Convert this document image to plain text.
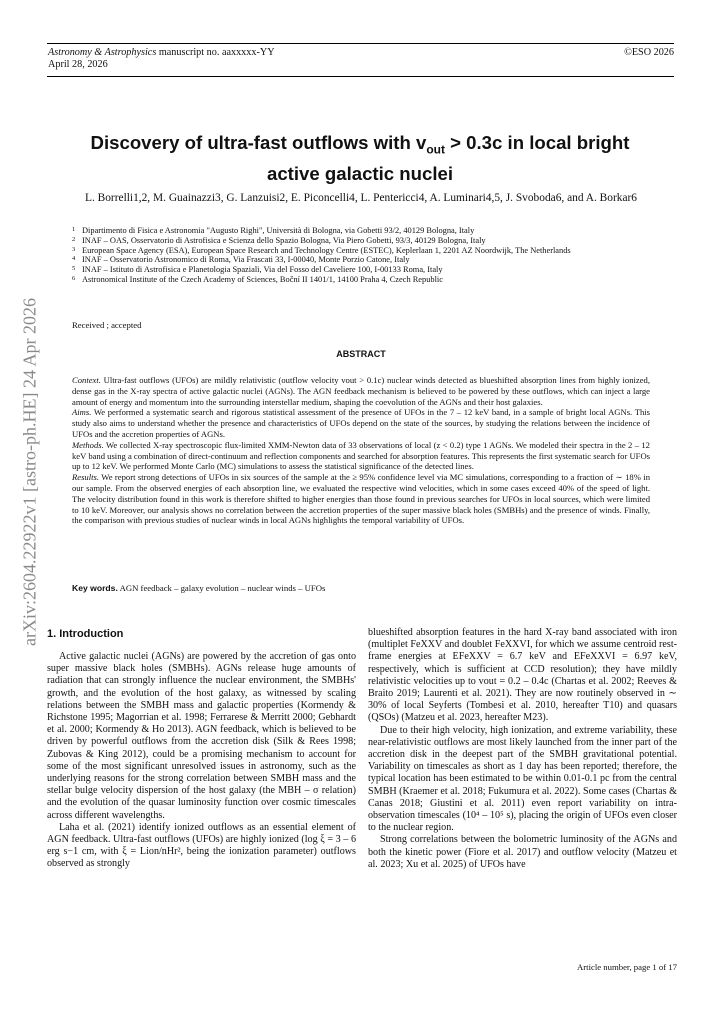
Astronomy & Astrophysics manuscript no. aaxxxxx-YY
April 28, 2026
©ESO 2026
arXiv:2604.22922v1 [astro-ph.HE] 24 Apr 2026
Discovery of ultra-fast outflows with $v_{out} > 0.3c$ in local bright
active galactic nuclei
L. Borrelli1,2, M. Guainazzi3, G. Lanzuisi2, E. Piconcelli4, L. Pentericci4, A. Luminari4,5, J. Svoboda6, and A. Borkar6
1 Dipartimento di Fisica e Astronomia "Augusto Righi", Università di Bologna, via Gobetti 93/2, 40129 Bologna, Italy
2 INAF – OAS, Osservatorio di Astrofisica e Scienza dello Spazio Bologna, Via Piero Gobetti, 93/3, 40129 Bologna, Italy
3 European Space Agency (ESA), European Space Research and Technology Centre (ESTEC), Keplerlaan 1, 2201 AZ Noordwijk, The Netherlands
4 INAF – Osservatorio Astronomico di Roma, Via Frascati 33, I-00040, Monte Porzio Catone, Italy
5 INAF – Istituto di Astrofisica e Planetologia Spaziali, Via del Fosso del Caveliere 100, I-00133 Roma, Italy
6 Astronomical Institute of the Czech Academy of Sciences, Boční II 1401/1, 14100 Praha 4, Czech Republic
Received ; accepted
ABSTRACT

Context. Ultra-fast outflows (UFOs) are mildly relativistic (outflow velocity vout > 0.1c) nuclear winds detected as blueshifted absorption lines from highly ionized, dense gas in the X-ray spectra of active galactic nuclei (AGNs). The AGN feedback mechanism is believed to be powered by these outflows, which can inject a large amount of energy and momentum into the surrounding interstellar medium, shaping the coevolution of the AGNs and their host galaxies.

Aims. We performed a systematic search and rigorous statistical assessment of the presence of UFOs in the 7 – 12 keV band, in a sample of bright local AGNs. This study also aims to understand whether the presence and characteristics of UFOs depend on the state of the sources, by studying the relations between the incidence of UFOs and the accretion properties of AGNs.

Methods. We collected X-ray spectroscopic flux-limited XMM-Newton data of 33 observations of local (z < 0.2) type 1 AGNs. We modeled their spectra in the 2 – 12 keV band using a combination of direct-continuum and reflection components and searched for absorption features. This represents the first systematic search for UFOs up to 12 keV. We performed Monte Carlo (MC) simulations to assess the statistical significance of the detected lines.

Results. We report strong detections of UFOs in six sources of the sample at the ≥ 95% confidence level via MC simulations, corresponding to a fraction of ∼ 18% in our sample. From the observed energies of each absorption line, we evaluated the respective wind velocities, which in some cases exceed 40% of the speed of light. The velocity distribution found in this work is therefore shifted to higher energies than those found in previous searches for UFOs in local sources, which were limited to 10 keV. Moreover, our analysis shows no correlation between the accretion properties of the super massive black holes (SMBHs) and the presence of winds. Finally, the comparison with previous studies of nuclear winds in local AGNs highlights the temporal variability of UFOs.

Key words. AGN feedback – galaxy evolution – nuclear winds – UFOs
1. Introduction

Active galactic nuclei (AGNs) are powered by the accretion of gas onto super massive black holes (SMBHs). AGNs release huge amounts of radiation that can strongly influence the nuclear environment, the SMBHs' growth, and the evolution of the host galaxy, as witnessed by scaling relations between the SMBH mass and galactic properties (Kormendy & Richstone 1995; Magorrian et al. 1998; Ferrarese & Merritt 2000; Gebhardt et al. 2000; Kormendy & Ho 2013). AGN feedback, which is believed to be driven by powerful outflows from the accretion disk (Silk & Rees 1998; Zubovas & King 2012), could be a promising mechanism to account for some of the most significant unresolved issues in astronomy, such as the underlying reasons for the strong correlation between SMBH mass and the stellar bulge velocity dispersion of the host galaxy (the MBH – σ relation) and the evolution of the quasar luminosity function over cosmic timescales across different wavelengths.

Laha et al. (2021) identify ionized outflows as an essential element of AGN feedback. Ultra-fast outflows (UFOs) are highly ionized (log ξ = 3 – 6 erg s−1 cm, with ξ = Lion/nHr², being the ionization parameter) outflows observed as strongly

blueshifted absorption features in the hard X-ray band associated with iron (multiplet FeXXV and doublet FeXXVI, for which we assume centroid rest-frame energies at EFeXXV = 6.7 keV and EFeXXVI = 6.97 keV, respectively, which is sufficient at CCD resolution); they have mildly relativistic velocities up to vout = 0.2 – 0.4c (Chartas et al. 2002; Reeves & Braito 2019; Laurenti et al. 2021). They are now routinely observed in ∼ 30% of local Seyferts (Tombesi et al. 2010, hereafter T10) and quasars (QSOs) (Matzeu et al. 2023, hereafter M23).

Due to their high velocity, high ionization, and extreme variability, these near-relativistic outflows are most likely launched from the inner part of the accretion disk in the deepest part of the SMBH gravitational potential. Variability on timescales as short as 1 day has been reported; therefore, the typical location has been estimated to be within 0.01-0.1 pc from the central SMBH (Kraemer et al. 2018; Fukumura et al. 2022). Some cases (Chartas & Canas 2018; Giustini et al. 2011) even report variability on intra-observation timescales (10⁴ – 10⁵ s), placing the origin of UFOs even closer to the nuclear region.

Strong correlations between the bolometric luminosity of the AGNs and both the kinetic power (Fiore et al. 2017) and outflow velocity (Matzeu et al. 2023; Xu et al. 2025) of UFOs have

Article number, page 1 of 17
